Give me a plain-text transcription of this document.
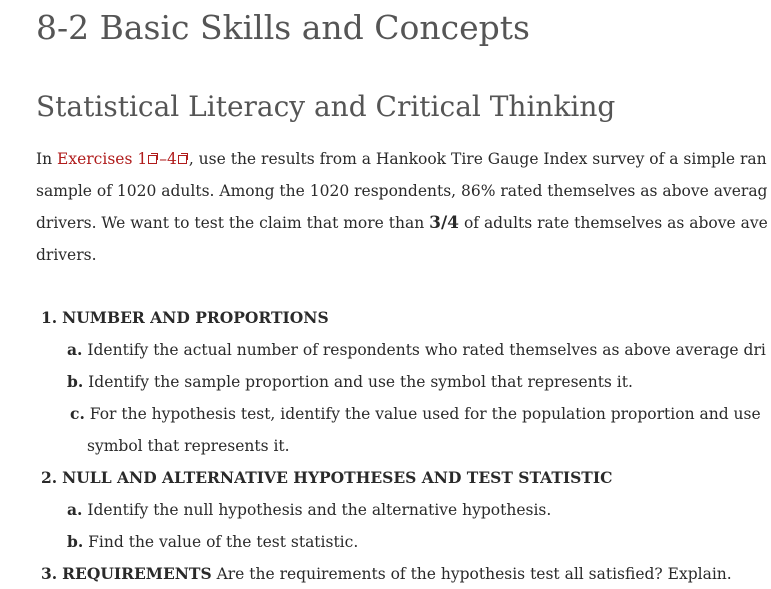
8-2 Basic Skills and Concepts
Statistical Literacy and Critical Thinking
In Exercises 1 –4 , use the results from a Hankook Tire Gauge Index survey of a simple ran
sample of 1020 adults. Among the 1020 respondents, 86% rated themselves as above averag
drivers. We want to test the claim that more than 3/4 of adults rate themselves as above ave
drivers.
1. NUMBER AND PROPORTIONS
a. Identify the actual number of respondents who rated themselves as above average dri
b. Identify the sample proportion and use the symbol that represents it.
c. For the hypothesis test, identify the value used for the population proportion and use
symbol that represents it.
2. NULL AND ALTERNATIVE HYPOTHESES AND TEST STATISTIC
a. Identify the null hypothesis and the alternative hypothesis.
b. Find the value of the test statistic.
3. REQUIREMENTS Are the requirements of the hypothesis test all satisfied? Explain.
